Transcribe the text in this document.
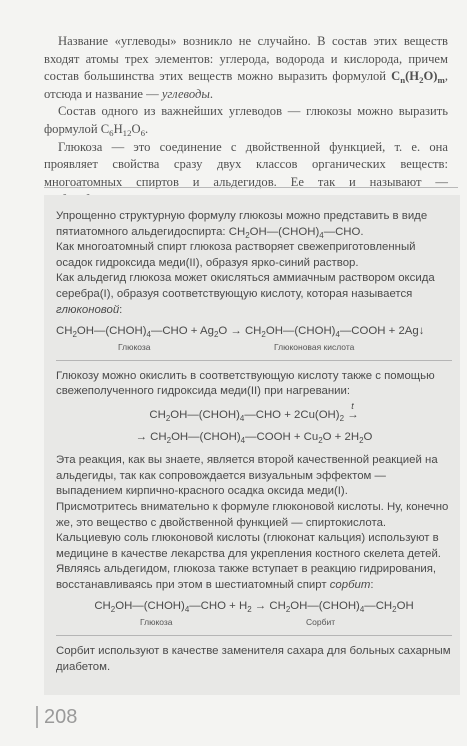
Название «углеводы» возникло не случайно. В состав этих веществ входят атомы трех элементов: углерода, водорода и кислорода, причем состав большинства этих веществ можно выразить формулой $C_n(H_2O)_m$, отсюда и название — углеводы.

Состав одного из важнейших углеводов — глюкозы можно выразить формулой $C_6H_{12}O_6$.

Глюкоза — это соединение с двойственной функцией, т. е. она проявляет свойства сразу двух классов органических веществ: многоатомных спиртов и альдегидов. Ее так и называют —

Упрощенно структурную формулу глюкозы можно представить в виде пятиатомного альдегидоспирта: $CH_2OH—(CHOH)_4—CHO$.

Как многоатомный спирт глюкоза растворяет свежеприготовленный осадок гидроксида меди(II), образуя ярко-синий раствор.

Как альдегид глюкоза может окисляться аммиачным раствором оксида серебра(I), образуя соответствующую кислоту, которая называется глюконовой:

$CH_2OH—(CHOH)_4—CHO + Ag_2O$ → $CH_2OH—(CHOH)_4—COOH$ + 2Ag↓
Глюкоза	Глюконовая кислота

Глюкозу можно окислить в соответствующую кислоту также с помощью свежеполученного гидроксида меди(II) при нагревании:

$CH_2OH—(CHOH)_4—CHO + 2Cu(OH)_2$ →
t
→ $CH_2OH—(CHOH)_4—COOH + Cu_2O + 2H_2O$

Эта реакция, как вы знаете, является второй качественной реакцией на альдегиды, так как сопровождается визуальным эффектом — выпадением кирпично-красного осадка оксида меди(I).

Присмотритесь внимательно к формуле глюконовой кислоты. Ну, конечно же, это вещество с двойственной функцией — спиртокислота. Кальциевую соль глюконовой кислоты (глюконат кальция) используют в медицине в качестве лекарства для укрепления костного скелета детей.

Являясь альдегидом, глюкоза также вступает в реакцию гидрирования, восстанавливаясь при этом в шестиатомный спирт сорбит:

$CH_2OH—(CHOH)_4—CHO + H_2$ → $CH_2OH—(CHOH)_4—CH_2OH$
Глюкоза	Сорбит

Сорбит используют в качестве заменителя сахара для больных сахарным диабетом.

208
